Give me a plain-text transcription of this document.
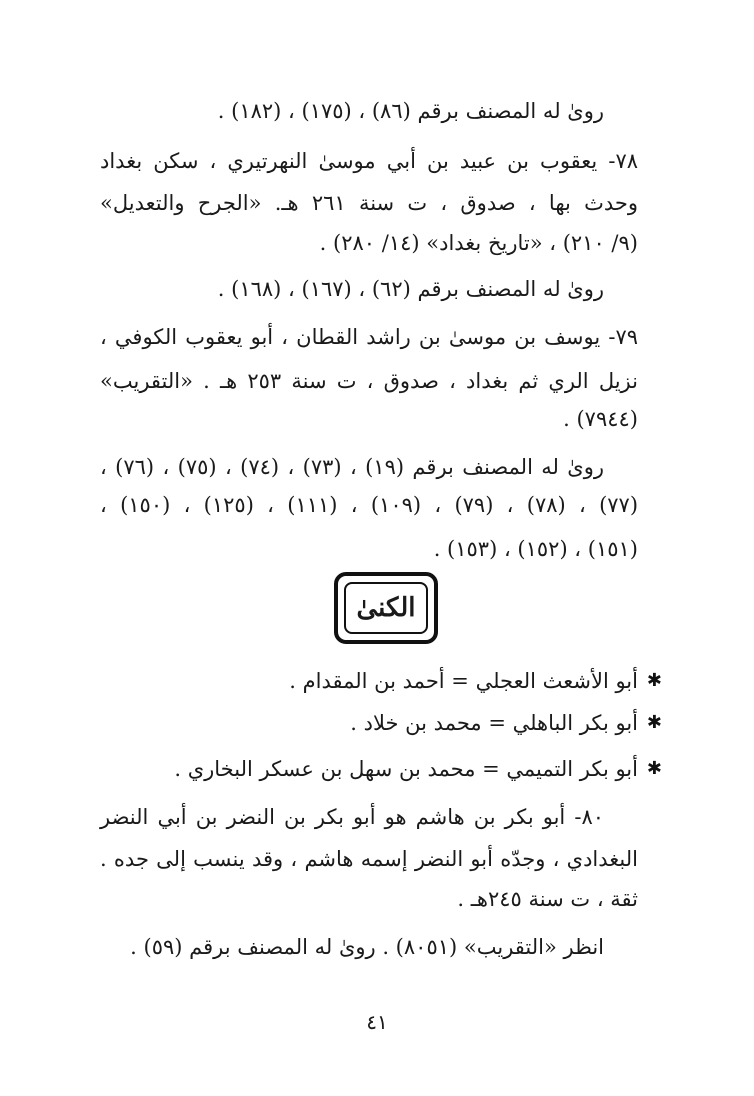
روىٰ له المصنف برقم (٨٦) ، (١٧٥) ، (١٨٢) .
٧٨- يعقوب بن عبيد بن أبي موسىٰ النهرتيري ، سكن بغداد
وحدث بها ، صدوق ، ت سنة ٢٦١ هـ. «الجرح والتعديل»
(٩/ ٢١٠) ، «تاريخ بغداد» (١٤/ ٢٨٠) .
روىٰ له المصنف برقم (٦٢) ، (١٦٧) ، (١٦٨) .
٧٩- يوسف بن موسىٰ بن راشد القطان ، أبو يعقوب الكوفي ،
نزيل الري ثم بغداد ، صدوق ، ت سنة ٢٥٣ هـ . «التقريب»
(٧٩٤٤) .
روىٰ له المصنف برقم (١٩) ، (٧٣) ، (٧٤) ، (٧٥) ، (٧٦) ،
(٧٧) ، (٧٨) ، (٧٩) ، (١٠٩) ، (١١١) ، (١٢٥) ، (١٥٠) ،
(١٥١) ، (١٥٢) ، (١٥٣) .
الكنىٰ
✱
أبو الأشعث العجلي = أحمد بن المقدام .
✱
أبو بكر الباهلي = محمد بن خلاد .
✱
أبو بكر التميمي = محمد بن سهل بن عسكر البخاري .
٨٠- أبو بكر بن هاشم هو أبو بكر بن النضر بن أبي النضر
البغدادي ، وجدّه أبو النضر إسمه هاشم ، وقد ينسب إلى جده .
ثقة ، ت سنة ٢٤٥هـ .
انظر «التقريب» (٨٠٥١) . روىٰ له المصنف برقم (٥٩) .
٤١
